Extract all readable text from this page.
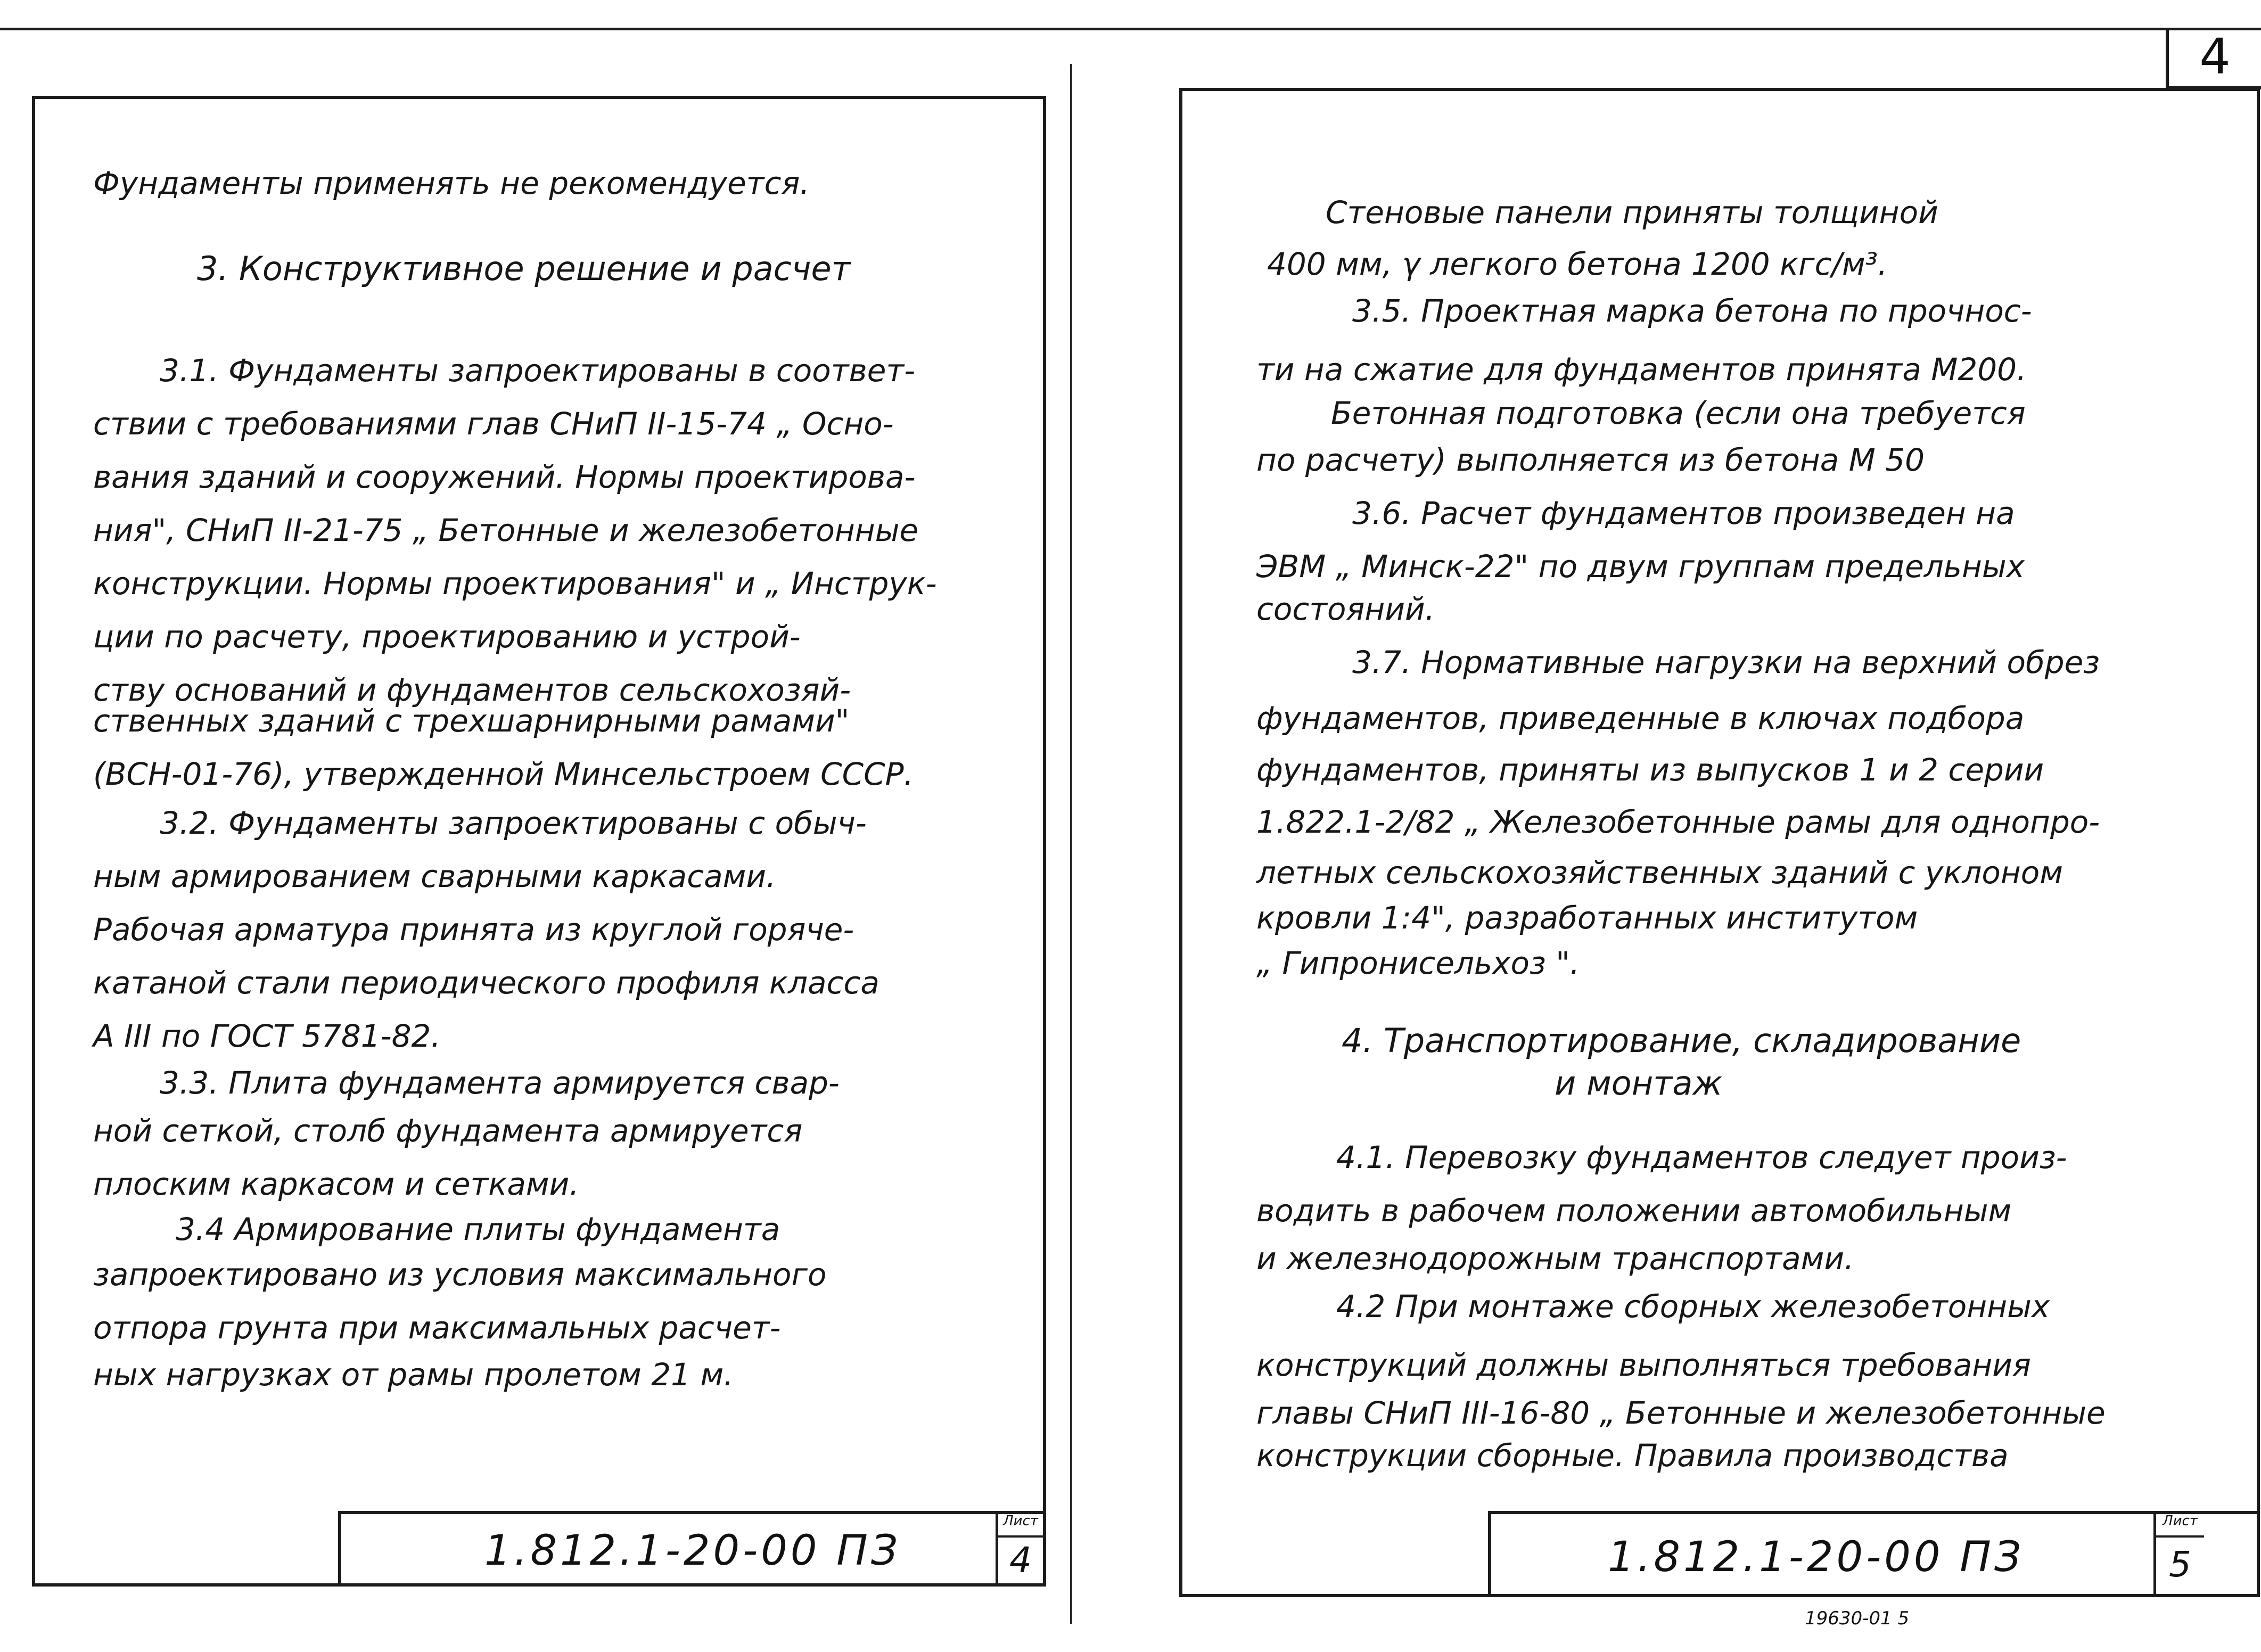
4
Фундаменты применять не рекомендуется.
3. Конструктивное решение и расчет
3.1. Фундаменты запроектированы в соответ-
ствии с требованиями глав СНиП II-15-74 „ Осно-
вания зданий и сооружений. Нормы проектирова-
ния", СНиП II-21-75 „ Бетонные и железобетонные
конструкции. Нормы проектирования" и „ Инструк-
ции по расчету, проектированию и устрой-
ству оснований и фундаментов сельскохозяй-
ственных зданий с трехшарнирными рамами"
(ВСН-01-76), утвержденной Минсельстроем СССР.
3.2. Фундаменты запроектированы с обыч-
ным армированием сварными каркасами.
Рабочая арматура принята из круглой горяче-
катаной стали периодического профиля класса
А III по ГОСТ 5781-82.
3.3. Плита фундамента армируется свар-
ной сеткой, столб фундамента армируется
плоским каркасом и сетками.
3.4 Армирование плиты фундамента
запроектировано из условия максимального
отпора грунта при максимальных расчет-
ных нагрузках от рамы пролетом 21 м.
1.812.1-20-00 ПЗ
Лист
4
Стеновые панели приняты толщиной
400 мм, γ легкого бетона 1200 кгс/м³.
3.5. Проектная марка бетона по прочнос-
ти на сжатие для фундаментов принята М200.
Бетонная подготовка (если она требуется
по расчету) выполняется из бетона М 50
3.6. Расчет фундаментов произведен на
ЭВМ „ Минск-22" по двум группам предельных
состояний.
3.7. Нормативные нагрузки на верхний обрез
фундаментов, приведенные в ключах подбора
фундаментов, приняты из выпусков 1 и 2 серии
1.822.1-2/82 „ Железобетонные рамы для однопро-
летных сельскохозяйственных зданий с уклоном
кровли 1:4", разработанных институтом
„ Гипронисельхоз ".
4. Транспортирование, складирование
и монтаж
4.1. Перевозку фундаментов следует произ-
водить в рабочем положении автомобильным
и железнодорожным транспортами.
4.2 При монтаже сборных железобетонных
конструкций должны выполняться требования
главы СНиП III-16-80 „ Бетонные и железобетонные
конструкции сборные. Правила производства
1.812.1-20-00 ПЗ
Лист
5
19630-01 5
